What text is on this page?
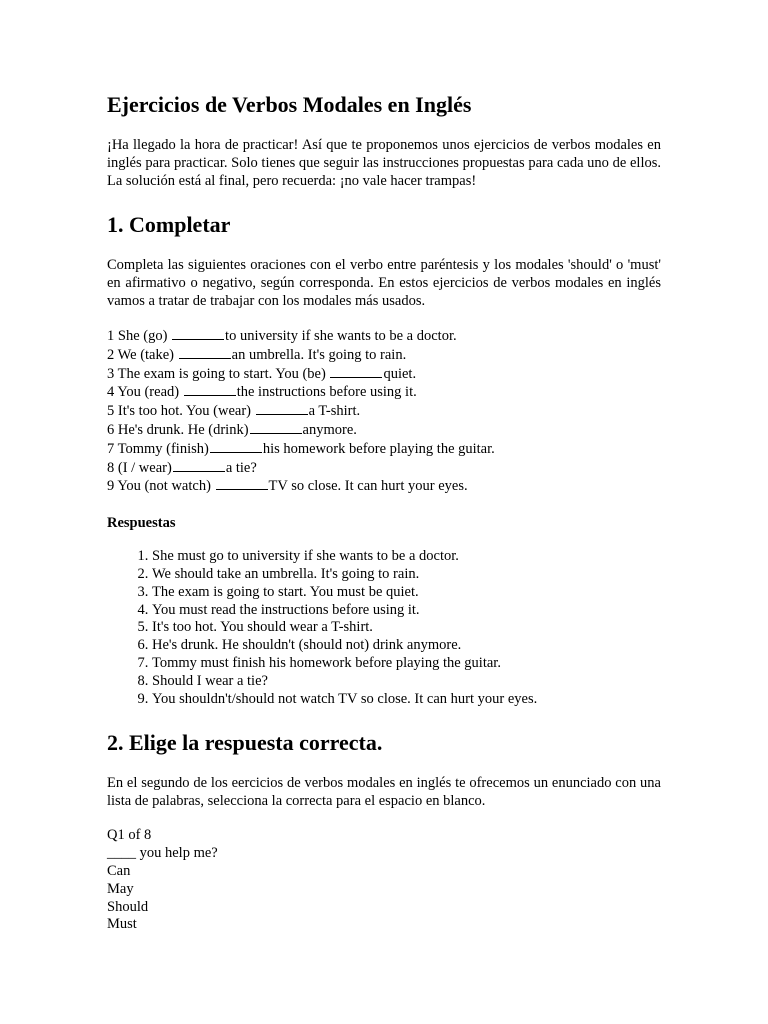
Ejercicios de Verbos Modales en Inglés

¡Ha llegado la hora de practicar! Así que te proponemos unos ejercicios de verbos modales en inglés para practicar. Solo tienes que seguir las instrucciones propuestas para cada uno de ellos. La solución está al final, pero recuerda: ¡no vale hacer trampas!

1. Completar

Completa las siguientes oraciones con el verbo entre paréntesis y los modales 'should' o 'must' en afirmativo o negativo, según corresponda. En estos ejercicios de verbos modales en inglés vamos a tratar de trabajar con los modales más usados.

1 She (go)	to university if she wants to be a doctor.
2 We (take)	an umbrella. It's going to rain.
3 The exam is going to start. You (be)	quiet.
4 You (read)	the instructions before using it.
5 It's too hot. You (wear)	a T-shirt.
6 He's drunk. He (drink)	anymore.
7 Tommy (finish)	his homework before playing the guitar.
8 (I / wear)	a tie?
9 You (not watch)	TV so close. It can hurt your eyes.
Respuestas
1. She must go to university if she wants to be a doctor.
2. We should take an umbrella. It's going to rain.
3. The exam is going to start. You must be quiet.
4. You must read the instructions before using it.
5. It's too hot. You should wear a T-shirt.
6. He's drunk. He shouldn't (should not) drink anymore.
7. Tommy must finish his homework before playing the guitar.
8. Should I wear a tie?
9. You shouldn't/should not watch TV so close. It can hurt your eyes.
2. Elige la respuesta correcta.

En el segundo de los eercicios de verbos modales en inglés te ofrecemos un enunciado con una lista de palabras, selecciona la correcta para el espacio en blanco.

Q1 of 8
____ you help me?
Can
May
Should
Must
